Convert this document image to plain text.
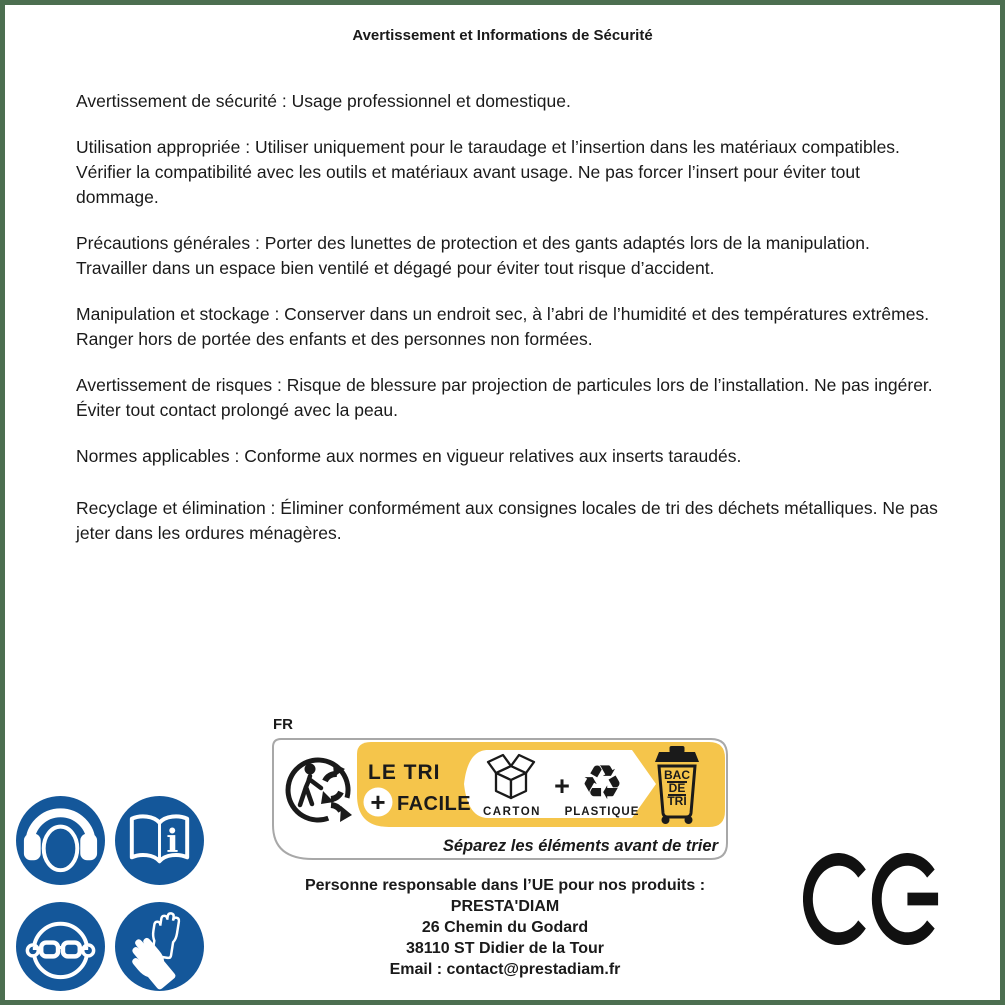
Avertissement et Informations de Sécurité

Avertissement de sécurité : Usage professionnel et domestique.

Utilisation appropriée : Utiliser uniquement pour le taraudage et l’insertion dans les matériaux compatibles. Vérifier la compatibilité avec les outils et matériaux avant usage. Ne pas forcer l’insert pour éviter tout dommage.

Précautions générales : Porter des lunettes de protection et des gants adaptés lors de la manipulation. Travailler dans un espace bien ventilé et dégagé pour éviter tout risque d’accident.

Manipulation et stockage : Conserver dans un endroit sec, à l’abri de l’humidité et des températures extrêmes. Ranger hors de portée des enfants et des personnes non formées.

Avertissement de risques : Risque de blessure par projection de particules lors de l’installation. Ne pas ingérer. Éviter tout contact prolongé avec la peau.

Normes applicables : Conforme aux normes en vigueur relatives aux inserts taraudés.

Recyclage et élimination : Éliminer conformément aux consignes locales de tri des déchets métalliques. Ne pas jeter dans les ordures ménagères.

i
FR
LE TRI
+ FACILE CARTON
+ ♻
PLASTIQUE
BAC
DE
TRI
Séparez les éléments avant de trier
Personne responsable dans l’UE pour nos produits :
PRESTA'DIAM
26 Chemin du Godard
38110 ST Didier de la Tour
Email : contact@prestadiam.fr
